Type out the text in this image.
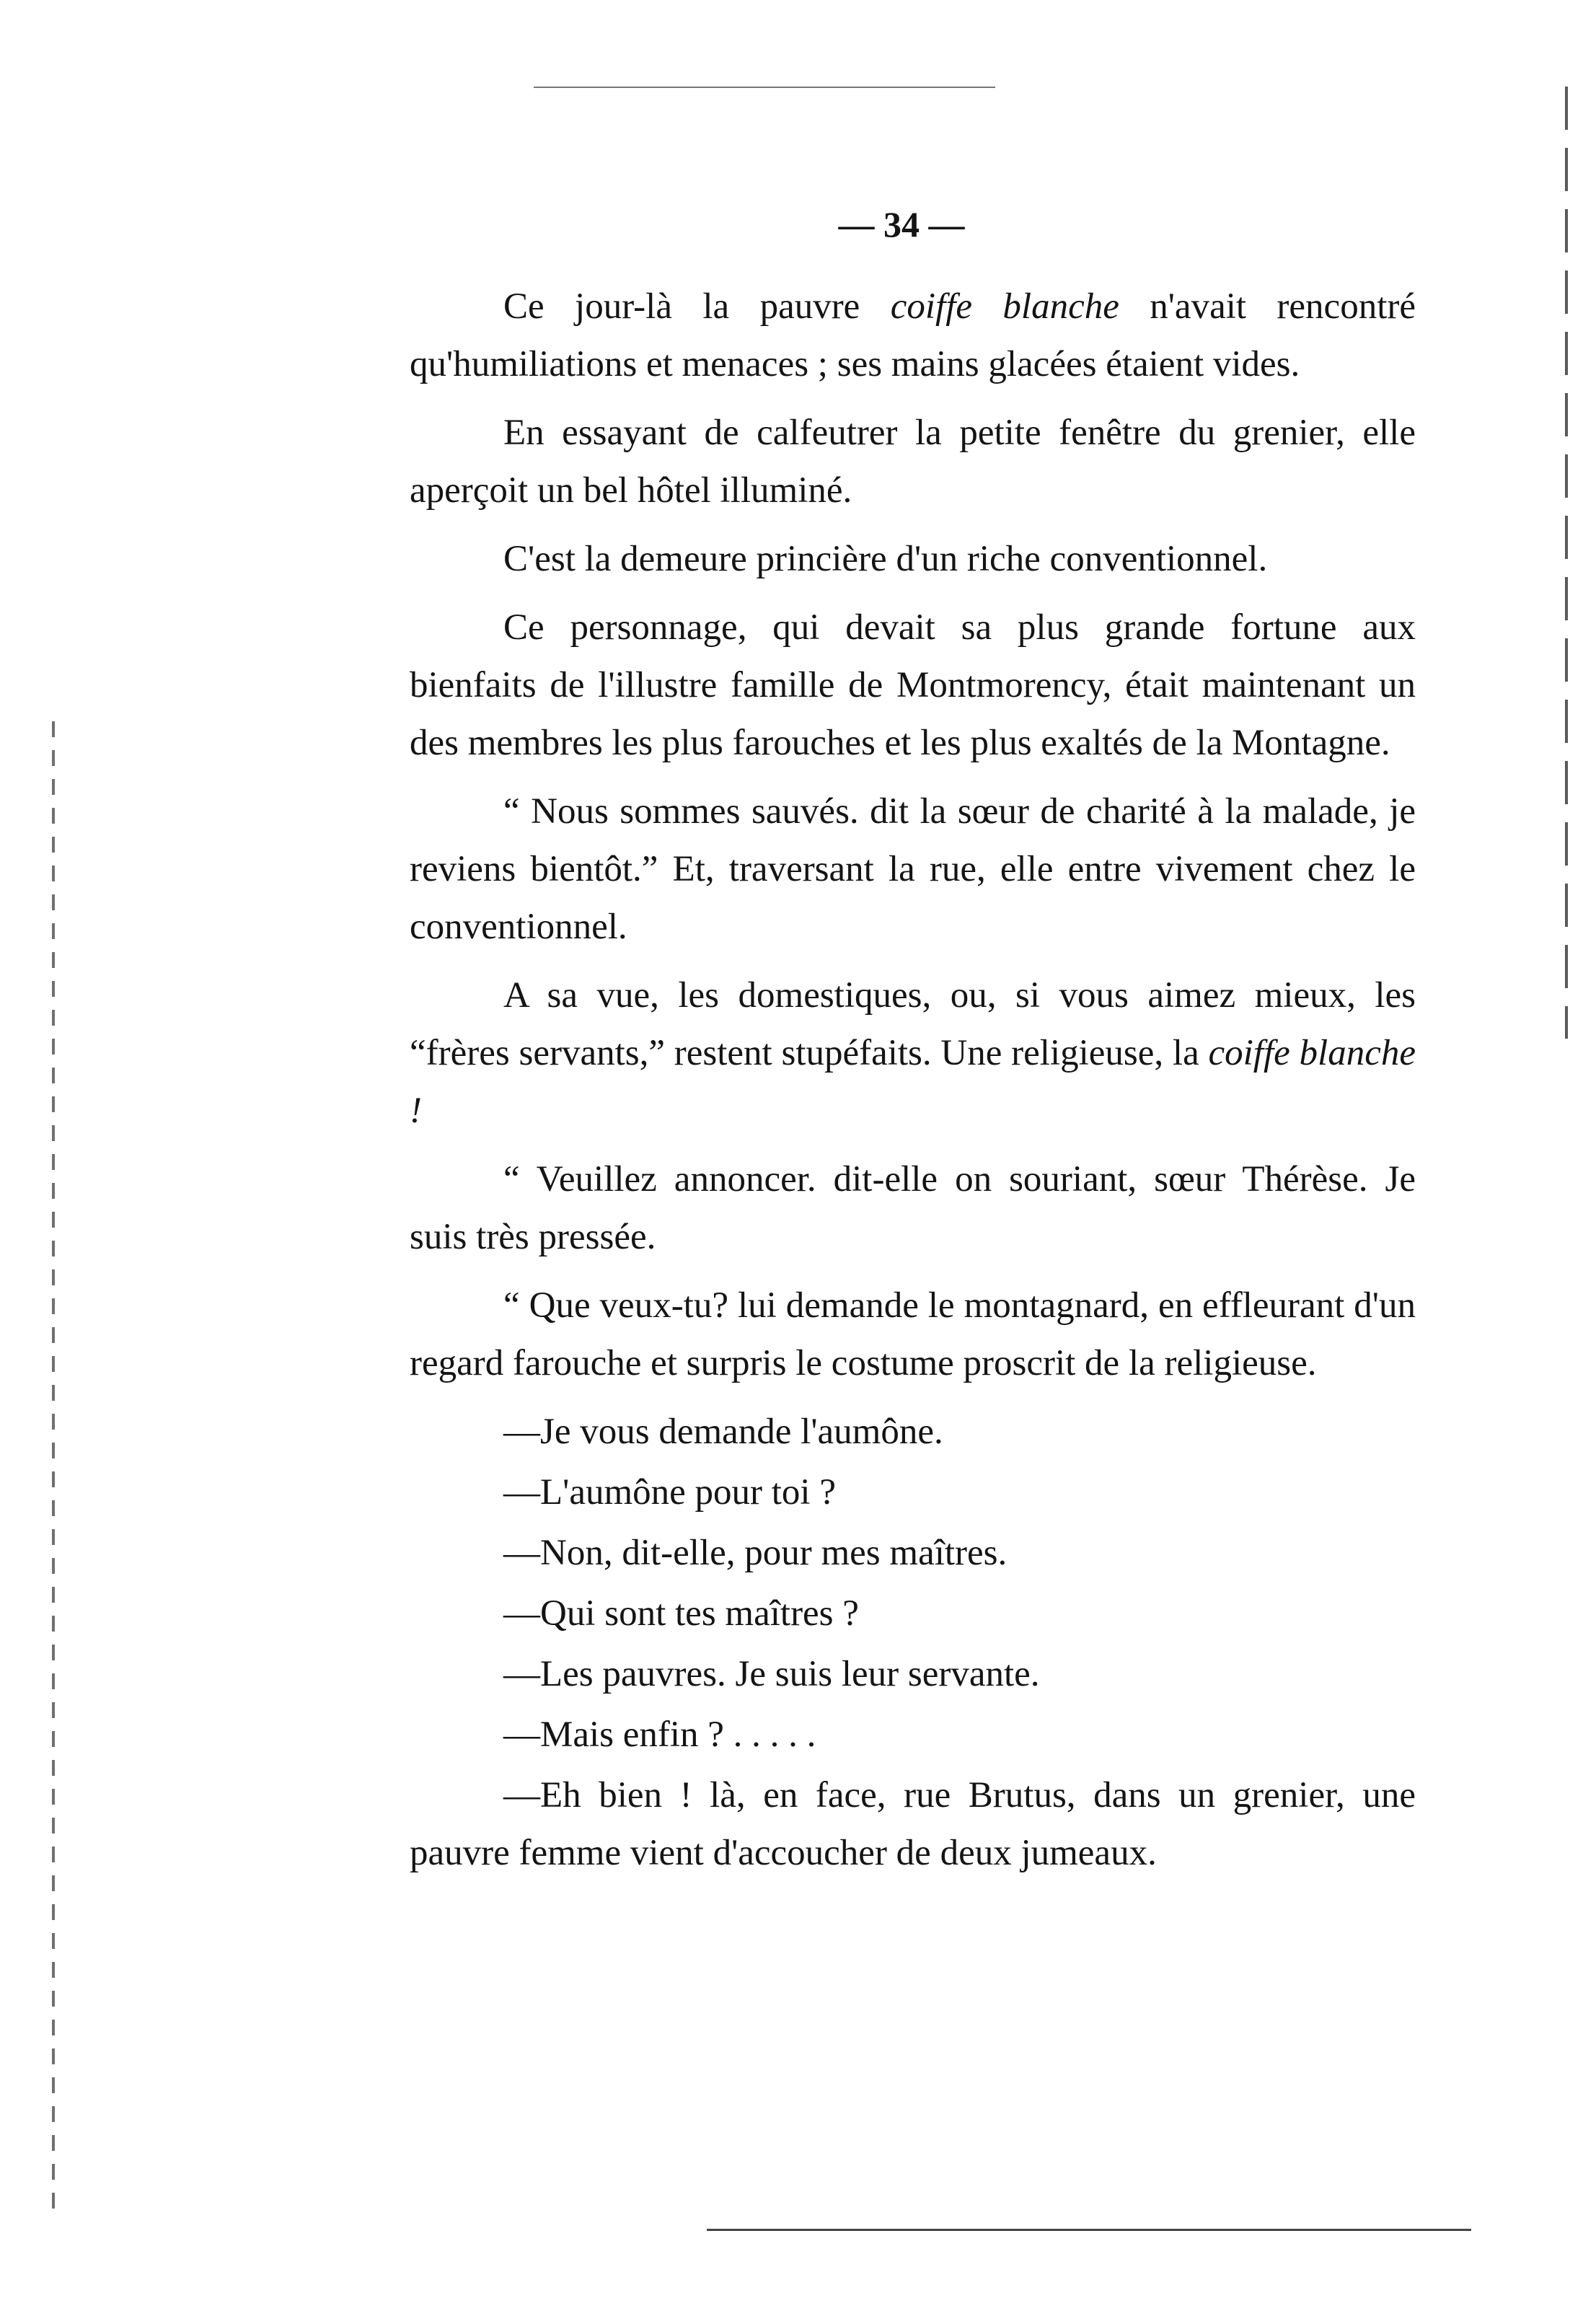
— 34 —

Ce jour-là la pauvre coiffe blanche n'avait rencontré qu'humiliations et menaces ; ses mains glacées étaient vides.

En essayant de calfeutrer la petite fenêtre du grenier, elle aperçoit un bel hôtel illuminé.

C'est la demeure princière d'un riche conventionnel.

Ce personnage, qui devait sa plus grande fortune aux bienfaits de l'illustre famille de Montmorency, était maintenant un des membres les plus farouches et les plus exaltés de la Montagne.

“ Nous sommes sauvés. dit la sœur de charité à la malade, je reviens bientôt.” Et, traversant la rue, elle entre vivement chez le conventionnel.

A sa vue, les domestiques, ou, si vous aimez mieux, les “frères servants,” restent stupéfaits. Une religieuse, la coiffe blanche !

“ Veuillez annoncer. dit-elle on souriant, sœur Thérèse. Je suis très pressée.

“ Que veux-tu? lui demande le montagnard, en effleurant d'un regard farouche et surpris le costume proscrit de la religieuse.

—Je vous demande l'aumône.

—L'aumône pour toi ?

—Non, dit-elle, pour mes maîtres.

—Qui sont tes maîtres ?

—Les pauvres. Je suis leur servante.

—Mais enfin ? . . . . .

—Eh bien ! là, en face, rue Brutus, dans un grenier, une pauvre femme vient d'accoucher de deux jumeaux.
